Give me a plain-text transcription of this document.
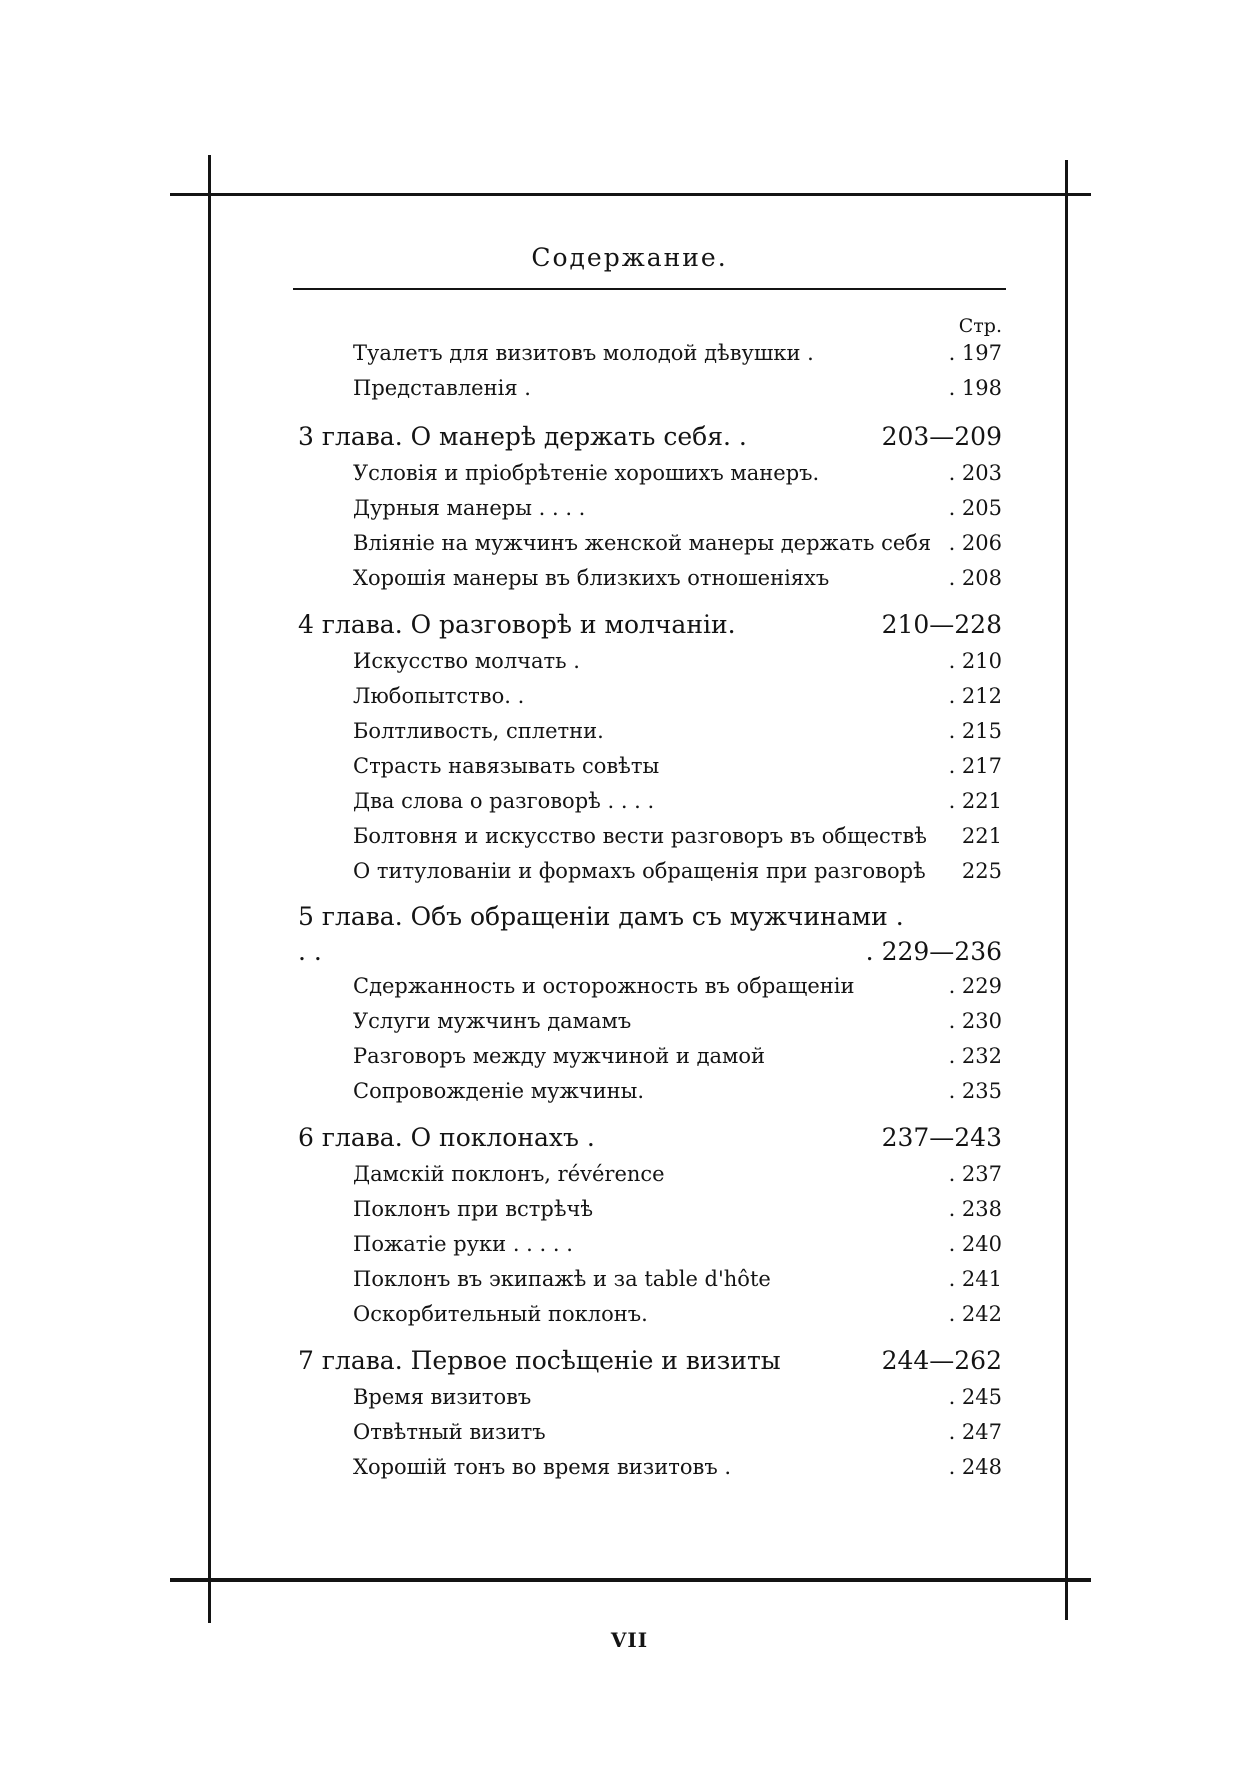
Содержание.
Стр.
Туалетъ для визитовъ молодой дѣвушки .	. 197
Представленія .	. 198
3 глава. О манерѣ держать себя. .	203—209
Условія и пріобрѣтеніе хорошихъ манеръ.	. 203
Дурныя манеры . . . .	. 205
Вліяніе на мужчинъ женской манеры держать себя . 206
Хорошія манеры въ близкихъ отношеніяхъ	. 208
4 глава. О разговорѣ и молчаніи.	210—228
Искусство молчать .	. 210
Любопытство. .	. 212
Болтливость, сплетни.	. 215
Страсть навязывать совѣты	. 217
Два слова о разговорѣ . . . .	. 221
Болтовня и искусство вести разговоръ въ обществѣ 221
О титулованіи и формахъ обращенія при разговорѣ 225
5 глава. Объ обращеніи дамъ съ мужчинами . . .	. 229—236
Сдержанность и осторожность въ обращеніи	. 229
Услуги мужчинъ дамамъ	. 230
Разговоръ между мужчиной и дамой	. 232
Сопровожденіе мужчины.	. 235
6 глава. О поклонахъ .	237—243
Дамскій поклонъ, révérence	. 237
Поклонъ при встрѣчѣ	. 238
Пожатіе руки . . . . .	. 240
Поклонъ въ экипажѣ и за table d'hôte	. 241
Оскорбительный поклонъ.	. 242
7 глава. Первое посѣщеніе и визиты	244—262
Время визитовъ	. 245
Отвѣтный визитъ	. 247
Хорошій тонъ во время визитовъ .	. 248
VII
